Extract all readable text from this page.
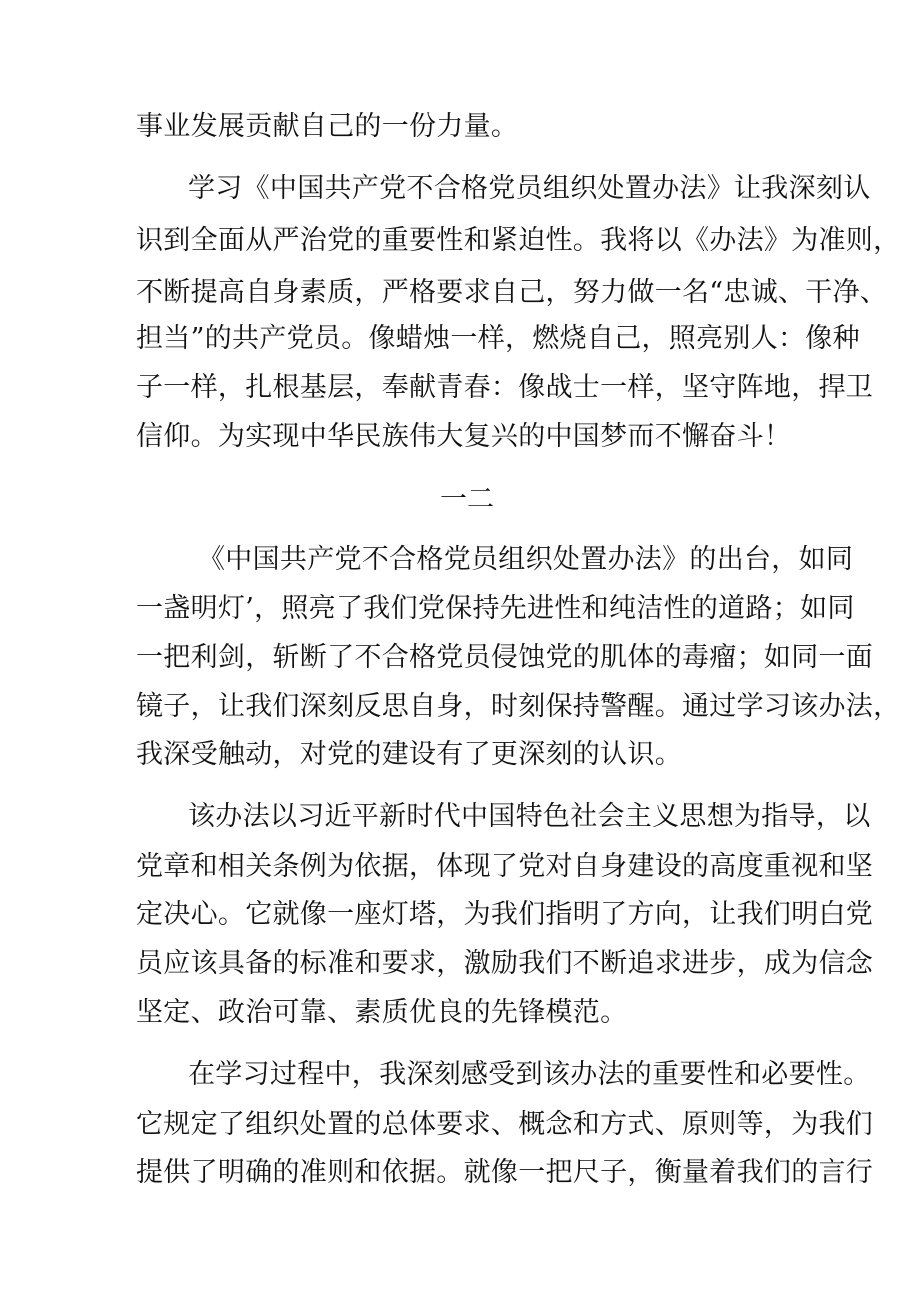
事业发展贡献自己的一份力量。
学习《中国共产党不合格党员组织处置办法》让我深刻认
识到全面从严治党的重要性和紧迫性。我将以《办法》为准则，
不断提高自身素质，严格要求自己，努力做一名“忠诚、干净、
担当”的共产党员。像蜡烛一样，燃烧自己，照亮别人：像种
子一样，扎根基层，奉献青春：像战士一样，坚守阵地，捍卫
信仰。为实现中华民族伟大复兴的中国梦而不懈奋斗！
一二
《中国共产党不合格党员组织处置办法》的出台，如同
一盏明灯’，照亮了我们党保持先进性和纯洁性的道路；如同
一把利剑，斩断了不合格党员侵蚀党的肌体的毒瘤；如同一面
镜子，让我们深刻反思自身，时刻保持警醒。通过学习该办法，
我深受触动，对党的建设有了更深刻的认识。
该办法以习近平新时代中国特色社会主义思想为指导，以
党章和相关条例为依据，体现了党对自身建设的高度重视和坚
定决心。它就像一座灯塔，为我们指明了方向，让我们明白党
员应该具备的标准和要求，激励我们不断追求进步，成为信念
坚定、政治可靠、素质优良的先锋模范。
在学习过程中，我深刻感受到该办法的重要性和必要性。
它规定了组织处置的总体要求、概念和方式、原则等，为我们
提供了明确的准则和依据。就像一把尺子，衡量着我们的言行
